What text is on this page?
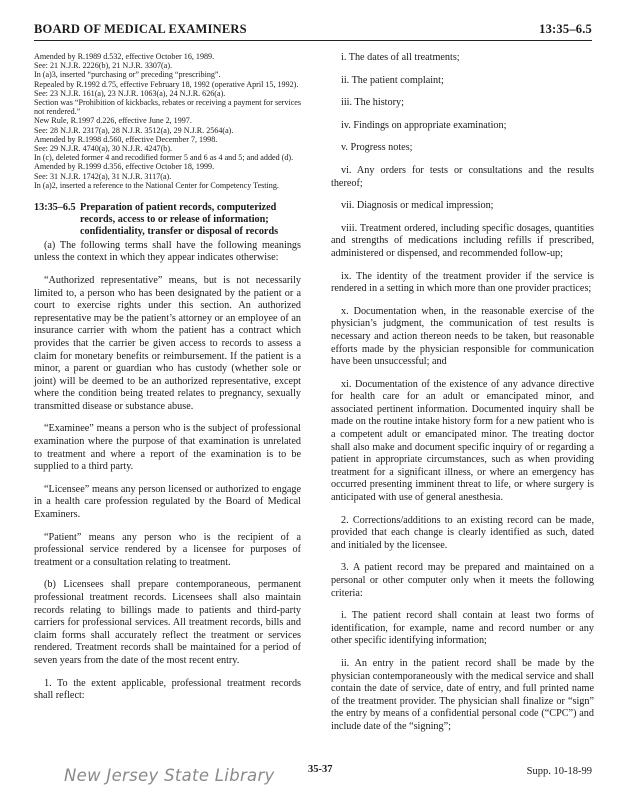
BOARD OF MEDICAL EXAMINERS	13:35–6.5

Amended by R.1989 d.532, effective October 16, 1989.

See: 21 N.J.R. 2226(b), 21 N.J.R. 3307(a).

In (a)3, inserted “purchasing or” preceding “prescribing”.

Repealed by R.1992 d.75, effective February 18, 1992 (operative April 15, 1992).

See: 23 N.J.R. 161(a), 23 N.J.R. 1063(a), 24 N.J.R. 626(a).

Section was “Prohibition of kickbacks, rebates or receiving a payment for services not rendered.”

New Rule, R.1997 d.226, effective June 2, 1997.

See: 28 N.J.R. 2317(a), 28 N.J.R. 3512(a), 29 N.J.R. 2564(a).

Amended by R.1998 d.560, effective December 7, 1998.

See: 29 N.J.R. 4740(a), 30 N.J.R. 4247(b).

In (c), deleted former 4 and recodified former 5 and 6 as 4 and 5; and added (d).

Amended by R.1999 d.356, effective October 18, 1999.

See: 31 N.J.R. 1742(a), 31 N.J.R. 3117(a).

In (a)2, inserted a reference to the National Center for Competency Testing.

13:35–6.5 Preparation of patient records, computerized records, access to or release of information; confidentiality, transfer or disposal of records

(a) The following terms shall have the following meanings unless the context in which they appear indicates otherwise:

“Authorized representative” means, but is not necessarily limited to, a person who has been designated by the patient or a court to exercise rights under this section. An authorized representative may be the patient’s attorney or an employee of an insurance carrier with whom the patient has a contract which provides that the carrier be given access to records to assess a claim for monetary benefits or reimbursement. If the patient is a minor, a parent or guardian who has custody (whether sole or joint) will be deemed to be an authorized representative, except where the condition being treated relates to pregnancy, sexually transmitted disease or substance abuse.

“Examinee” means a person who is the subject of professional examination where the purpose of that examination is unrelated to treatment and where a report of the examination is to be supplied to a third party.

“Licensee” means any person licensed or authorized to engage in a health care profession regulated by the Board of Medical Examiners.

“Patient” means any person who is the recipient of a professional service rendered by a licensee for purposes of treatment or a consultation relating to treatment.

(b) Licensees shall prepare contemporaneous, permanent professional treatment records. Licensees shall also maintain records relating to billings made to patients and third-party carriers for professional services. All treatment records, bills and claim forms shall accurately reflect the treatment or services rendered. Treatment records shall be maintained for a period of seven years from the date of the most recent entry.

1. To the extent applicable, professional treatment records shall reflect:

i. The dates of all treatments;

ii. The patient complaint;

iii. The history;

iv. Findings on appropriate examination;

v. Progress notes;

vi. Any orders for tests or consultations and the results thereof;

vii. Diagnosis or medical impression;

viii. Treatment ordered, including specific dosages, quantities and strengths of medications including refills if prescribed, administered or dispensed, and recommended follow-up;

ix. The identity of the treatment provider if the service is rendered in a setting in which more than one provider practices;

x. Documentation when, in the reasonable exercise of the physician’s judgment, the communication of test results is necessary and action thereon needs to be taken, but reasonable efforts made by the physician responsible for communication have been unsuccessful; and

xi. Documentation of the existence of any advance directive for health care for an adult or emancipated minor, and associated pertinent information. Documented inquiry shall be made on the routine intake history form for a new patient who is a competent adult or emancipated minor. The treating doctor shall also make and document specific inquiry of or regarding a patient in appropriate circumstances, such as when providing treatment for a significant illness, or where an emergency has occurred presenting imminent threat to life, or where surgery is anticipated with use of general anesthesia.

2. Corrections/additions to an existing record can be made, provided that each change is clearly identified as such, dated and initialed by the licensee.

3. A patient record may be prepared and maintained on a personal or other computer only when it meets the following criteria:

i. The patient record shall contain at least two forms of identification, for example, name and record number or any other specific identifying information;

ii. An entry in the patient record shall be made by the physician contemporaneously with the medical service and shall contain the date of service, date of entry, and full printed name of the treatment provider. The physician shall finalize or “sign” the entry by means of a confidential personal code (“CPC”) and include date of the “signing”;

New Jersey State Library	35-37	Supp. 10-18-99
